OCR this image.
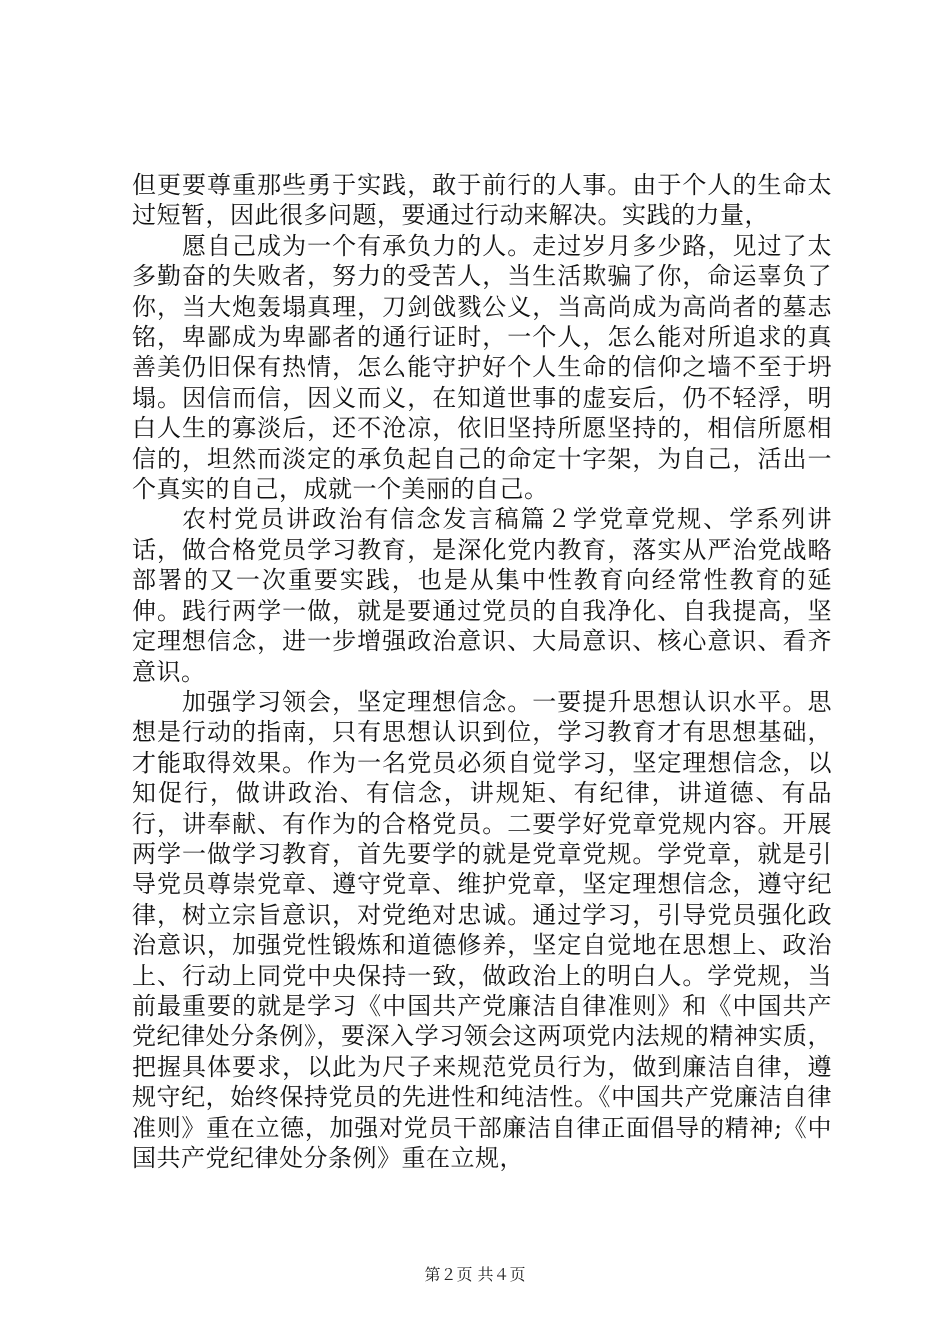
但更要尊重那些勇于实践，敢于前行的人事。由于个人的生命太过短暂，因此很多问题，要通过行动来解决。实践的力量，

愿自己成为一个有承负力的人。走过岁月多少路，见过了太多勤奋的失败者，努力的受苦人，当生活欺骗了你，命运辜负了你，当大炮轰塌真理，刀剑戗戮公义，当高尚成为高尚者的墓志铭，卑鄙成为卑鄙者的通行证时，一个人，怎么能对所追求的真善美仍旧保有热情，怎么能守护好个人生命的信仰之墙不至于坍塌。因信而信，因义而义，在知道世事的虚妄后，仍不轻浮，明白人生的寡淡后，还不沧凉，依旧坚持所愿坚持的，相信所愿相信的，坦然而淡定的承负起自己的命定十字架，为自己，活出一个真实的自己，成就一个美丽的自己。

农村党员讲政治有信念发言稿篇２学党章党规、学系列讲话，做合格党员学习教育，是深化党内教育，落实从严治党战略部署的又一次重要实践，也是从集中性教育向经常性教育的延伸。践行两学一做，就是要通过党员的自我净化、自我提高，坚定理想信念，进一步增强政治意识、大局意识、核心意识、看齐意识。

加强学习领会，坚定理想信念。一要提升思想认识水平。思想是行动的指南，只有思想认识到位，学习教育才有思想基础，才能取得效果。作为一名党员必须自觉学习，坚定理想信念，以知促行，做讲政治、有信念，讲规矩、有纪律，讲道德、有品行，讲奉献、有作为的合格党员。二要学好党章党规内容。开展两学一做学习教育，首先要学的就是党章党规。学党章，就是引导党员尊崇党章、遵守党章、维护党章，坚定理想信念，遵守纪律，树立宗旨意识，对党绝对忠诚。通过学习，引导党员强化政治意识，加强党性锻炼和道德修养，坚定自觉地在思想上、政治上、行动上同党中央保持一致，做政治上的明白人。学党规，当前最重要的就是学习《中国共产党廉洁自律准则》和《中国共产党纪律处分条例》，要深入学习领会这两项党内法规的精神实质，把握具体要求，以此为尺子来规范党员行为，做到廉洁自律，遵规守纪，始终保持党员的先进性和纯洁性。《中国共产党廉洁自律准则》重在立德，加强对党员干部廉洁自律正面倡导的精神;《中国共产党纪律处分条例》重在立规，

第２页 共４页
